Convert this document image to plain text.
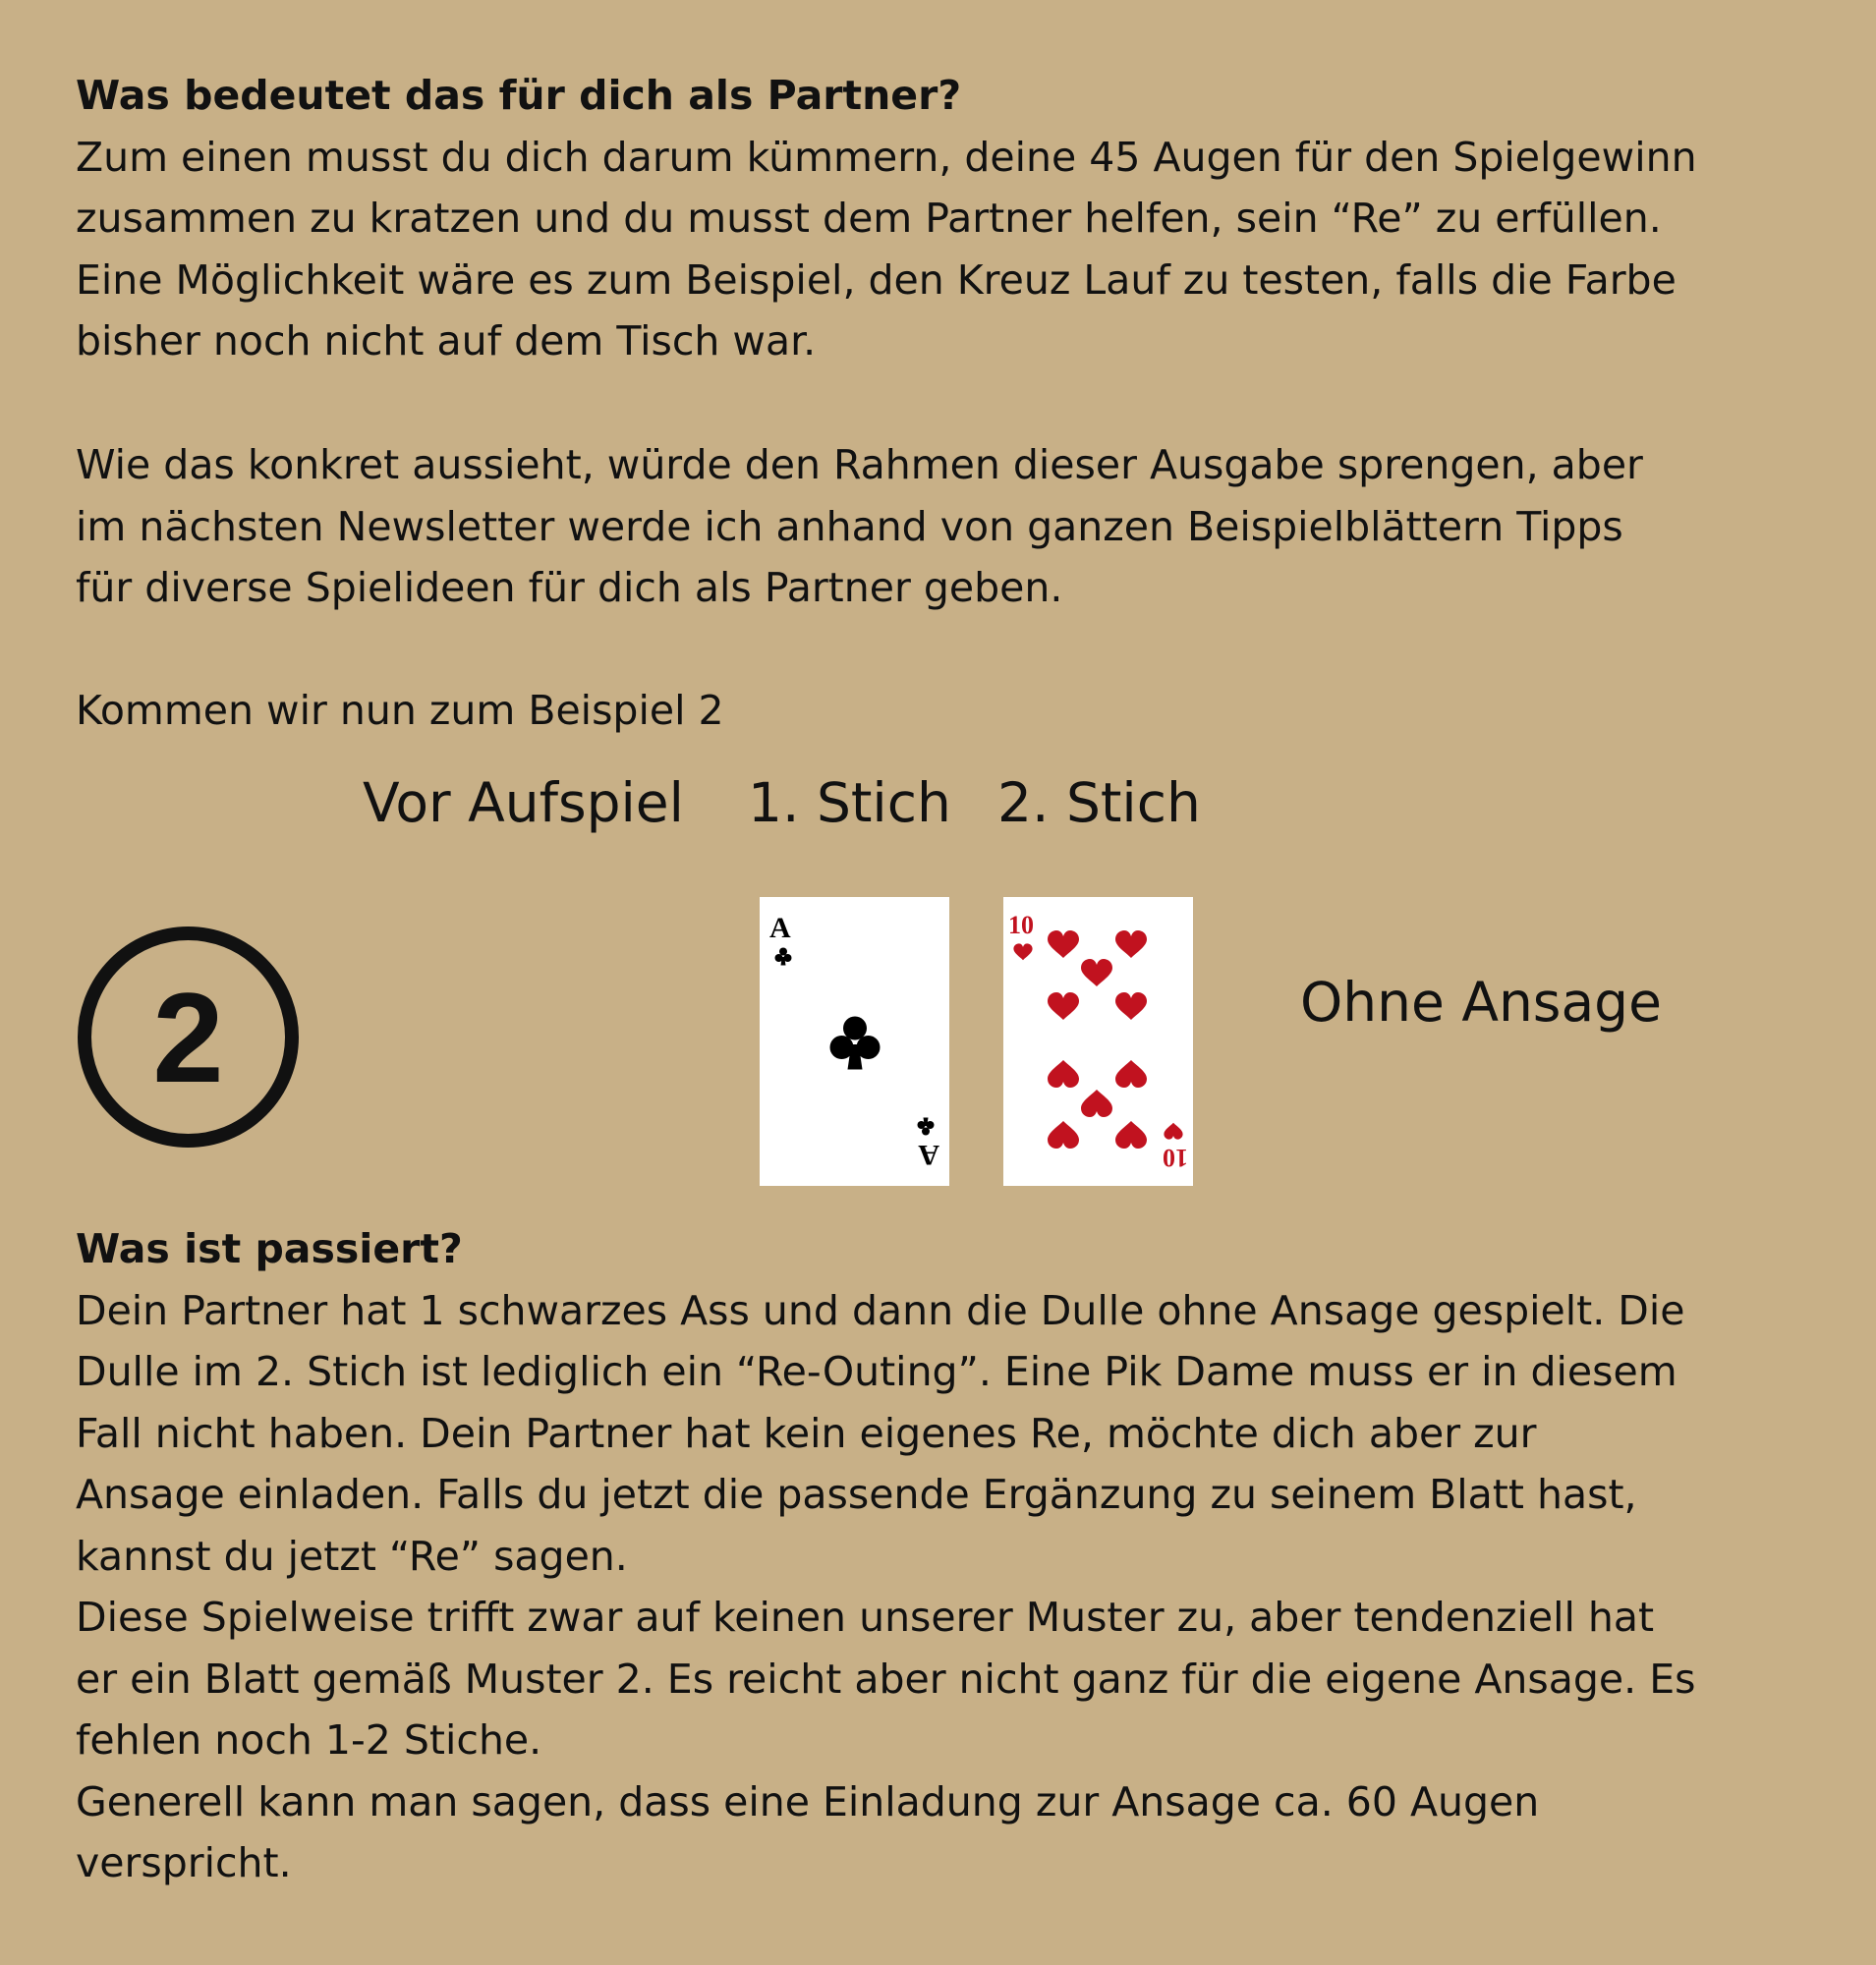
Was bedeutet das für dich als Partner?
Zum einen musst du dich darum kümmern, deine 45 Augen für den Spielgewinn
zusammen zu kratzen und du musst dem Partner helfen, sein “Re” zu erfüllen.
Eine Möglichkeit wäre es zum Beispiel, den Kreuz Lauf zu testen, falls die Farbe
bisher noch nicht auf dem Tisch war.
Wie das konkret aussieht, würde den Rahmen dieser Ausgabe sprengen, aber
im nächsten Newsletter werde ich anhand von ganzen Beispielblättern Tipps
für diverse Spielideen für dich als Partner geben.
Kommen wir nun zum Beispiel 2
Vor Aufspiel 1. Stich 2. Stich
2
A
A
10
10
Ohne Ansage
Was ist passiert?
Dein Partner hat 1 schwarzes Ass und dann die Dulle ohne Ansage gespielt. Die
Dulle im 2. Stich ist lediglich ein “Re-Outing”. Eine Pik Dame muss er in diesem
Fall nicht haben. Dein Partner hat kein eigenes Re, möchte dich aber zur
Ansage einladen. Falls du jetzt die passende Ergänzung zu seinem Blatt hast,
kannst du jetzt “Re” sagen.
Diese Spielweise trifft zwar auf keinen unserer Muster zu, aber tendenziell hat
er ein Blatt gemäß Muster 2. Es reicht aber nicht ganz für die eigene Ansage. Es
fehlen noch 1-2 Stiche.
Generell kann man sagen, dass eine Einladung zur Ansage ca. 60 Augen
verspricht.
